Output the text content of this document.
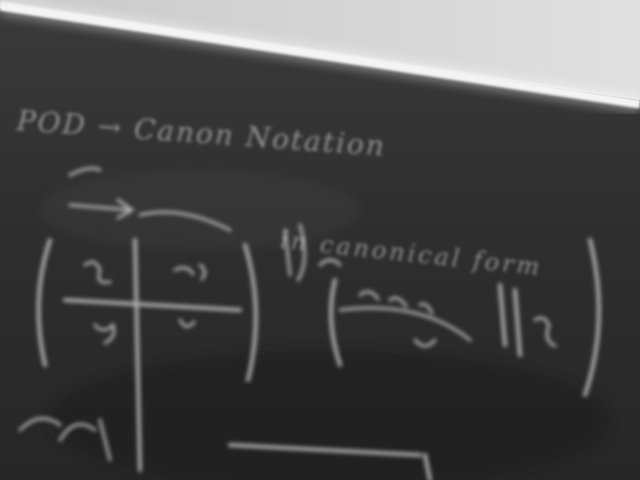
POD → Canon Notation
in canonical form
